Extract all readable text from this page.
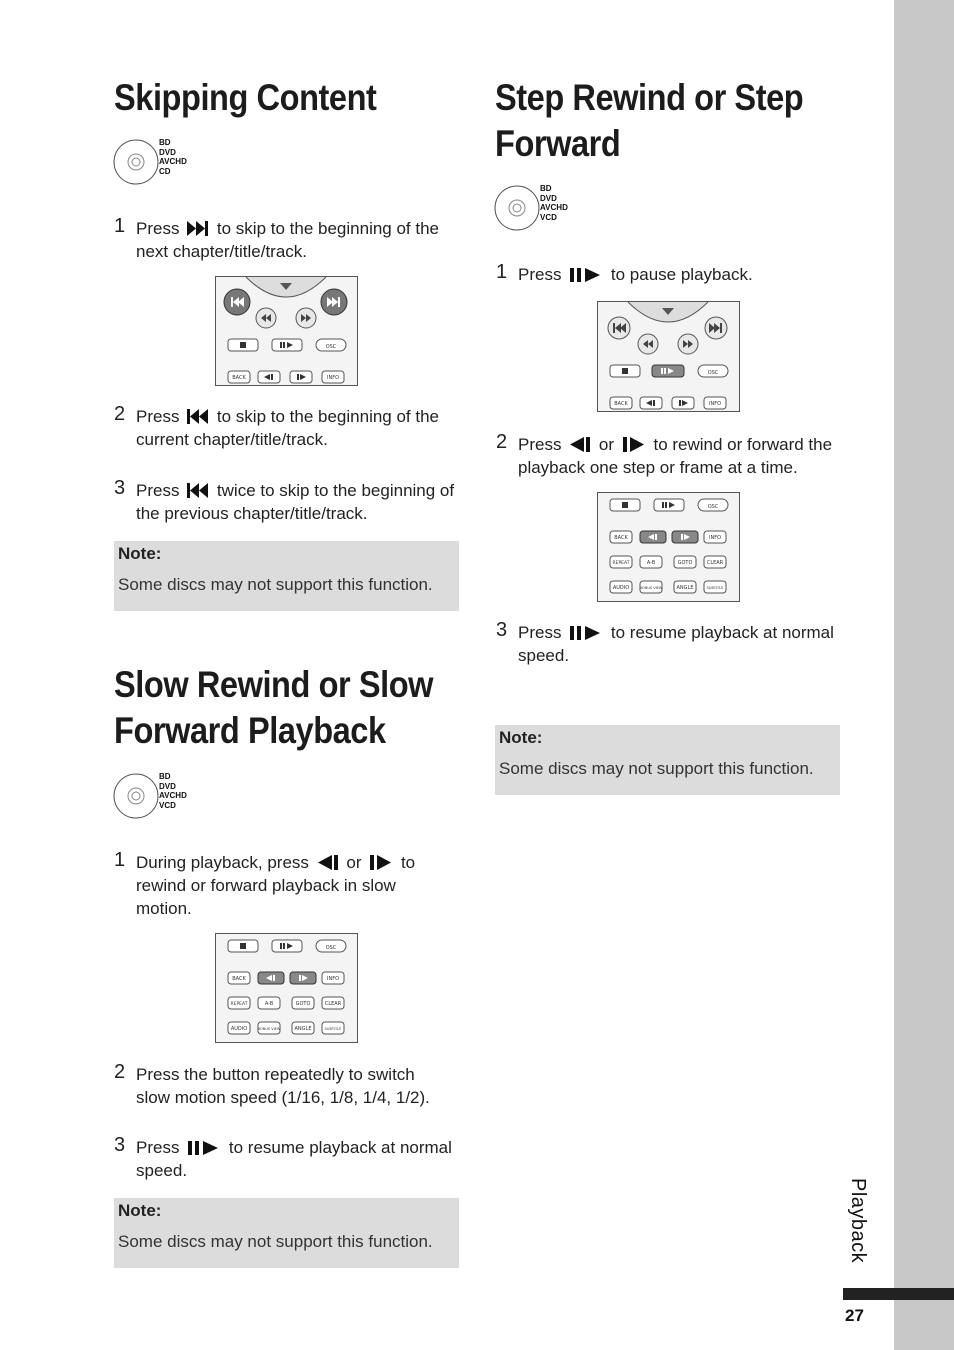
Playback
27
Skipping Content
BD
DVD
AVCHD
CD
1 Press  to skip to the beginning of the
next chapter/title/track.
OSC
BACK	INFO
2 Press  to skip to the beginning of the
current chapter/title/track.
3 Press  twice to skip to the beginning of
the previous chapter/title/track.
Note:
Some discs may not support this function.
Slow Rewind or Slow
Forward Playback
BD
DVD
AVCHD
VCD
1 During playback, press  or  to
rewind or forward playback in slow
motion.
OSC
BACK	INFO
REPEAT	A-B	GOTO	CLEAR
AUDIO	BONUS VIEW	ANGLE	SUBTITLE
2 Press the button repeatedly to switch
slow motion speed (1/16, 1/8, 1/4, 1/2).
3 Press  to resume playback at normal
speed.
Note:
Some discs may not support this function.
Step Rewind or Step
Forward
BD
DVD
AVCHD
VCD
1 Press  to pause playback.
OSC
BACK	INFO
2 Press  or  to rewind or forward the
playback one step or frame at a time.
OSC
BACK	INFO
REPEAT	A-B	GOTO	CLEAR
AUDIO	BONUS VIEW	ANGLE	SUBTITLE
3 Press  to resume playback at normal
speed.
Note:
Some discs may not support this function.
